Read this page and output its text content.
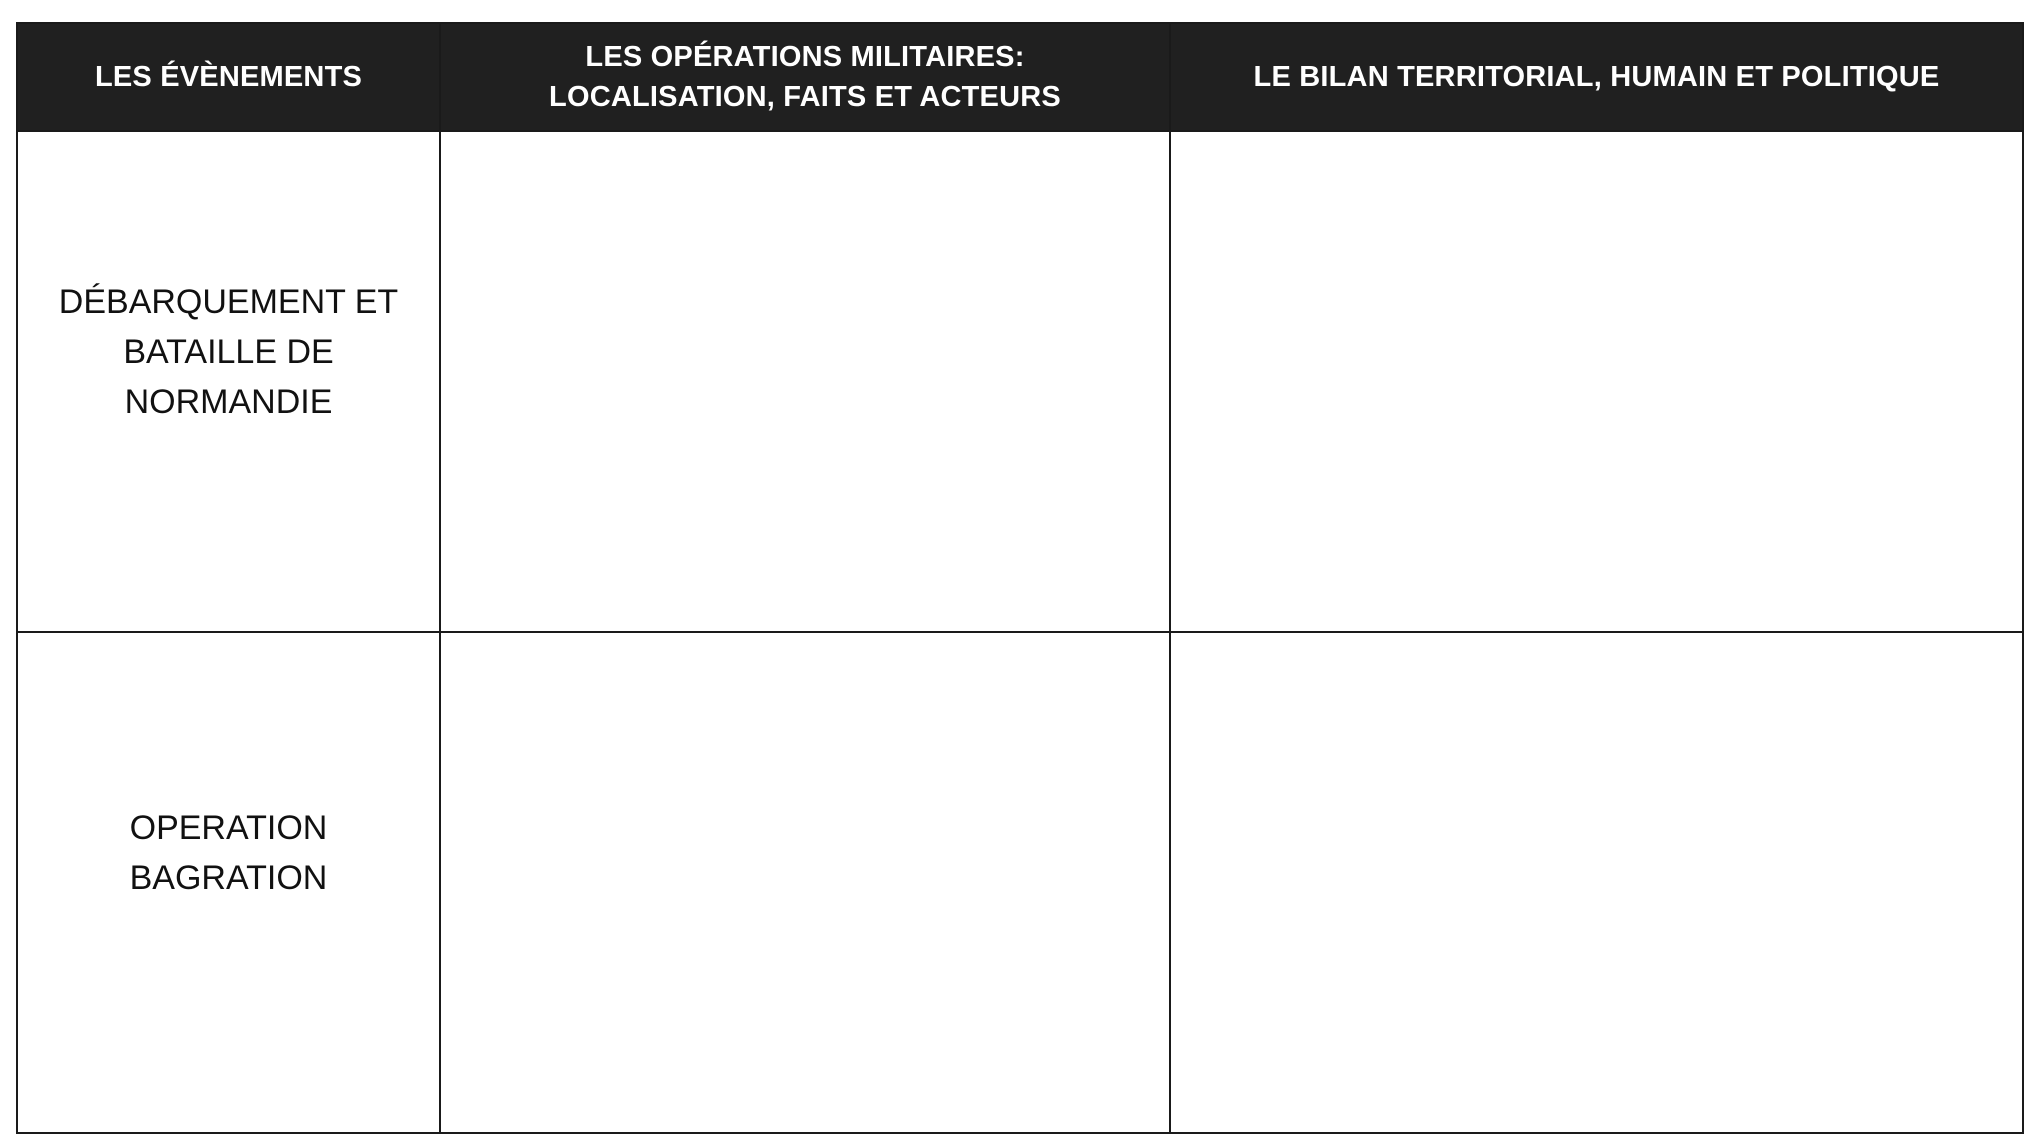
LES ÉVÈNEMENTS	LES OPÉRATIONS MILITAIRES: LOCALISATION, FAITS ET ACTEURS	LE BILAN TERRITORIAL, HUMAIN ET POLITIQUE

DÉBARQUEMENT ET
BATAILLE DE
NORMANDIE		

OPERATION
BAGRATION		
